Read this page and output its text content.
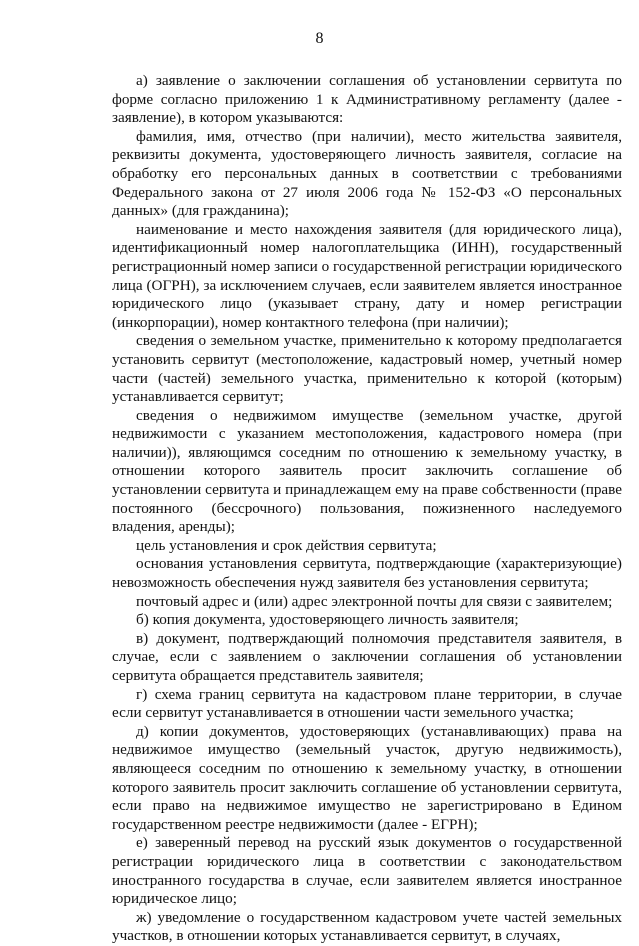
8

а) заявление о заключении соглашения об установлении сервитута по форме согласно приложению 1 к Административному регламенту (далее - заявление), в котором указываются:

фамилия, имя, отчество (при наличии), место жительства заявителя, реквизиты документа, удостоверяющего личность заявителя, согласие на обработку его персональных данных в соответствии с требованиями Федерального закона от 27 июля 2006 года № 152-ФЗ «О персональных данных» (для гражданина);

наименование и место нахождения заявителя (для юридического лица), идентификационный номер налогоплательщика (ИНН), государственный регистрационный номер записи о государственной регистрации юридического лица (ОГРН), за исключением случаев, если заявителем является иностранное юридического лицо (указывает страну, дату и номер регистрации (инкорпорации), номер контактного телефона (при наличии);

сведения о земельном участке, применительно к которому предполагается установить сервитут (местоположение, кадастровый номер, учетный номер части (частей) земельного участка, применительно к которой (которым) устанавливается сервитут;

сведения о недвижимом имуществе (земельном участке, другой недвижимости с указанием местоположения, кадастрового номера (при наличии)), являющимся соседним по отношению к земельному участку, в отношении которого заявитель просит заключить соглашение об установлении сервитута и принадлежащем ему на праве собственности (праве постоянного (бессрочного) пользования, пожизненного наследуемого владения, аренды);

цель установления и срок действия сервитута;

основания установления сервитута, подтверждающие (характеризующие) невозможность обеспечения нужд заявителя без установления сервитута;

почтовый адрес и (или) адрес электронной почты для связи с заявителем;

б) копия документа, удостоверяющего личность заявителя;

в) документ, подтверждающий полномочия представителя заявителя, в случае, если с заявлением о заключении соглашения об установлении сервитута обращается представитель заявителя;

г) схема границ сервитута на кадастровом плане территории, в случае если сервитут устанавливается в отношении части земельного участка;

д) копии документов, удостоверяющих (устанавливающих) права на недвижимое имущество (земельный участок, другую недвижимость), являющееся соседним по отношению к земельному участку, в отношении которого заявитель просит заключить соглашение об установлении сервитута, если право на недвижимое имущество не зарегистрировано в Едином государственном реестре недвижимости (далее - ЕГРН);

е) заверенный перевод на русский язык документов о государственной регистрации юридического лица в соответствии с законодательством иностранного государства в случае, если заявителем является иностранное юридическое лицо;

ж) уведомление о государственном кадастровом учете частей земельных участков, в отношении которых устанавливается сервитут, в случаях,
